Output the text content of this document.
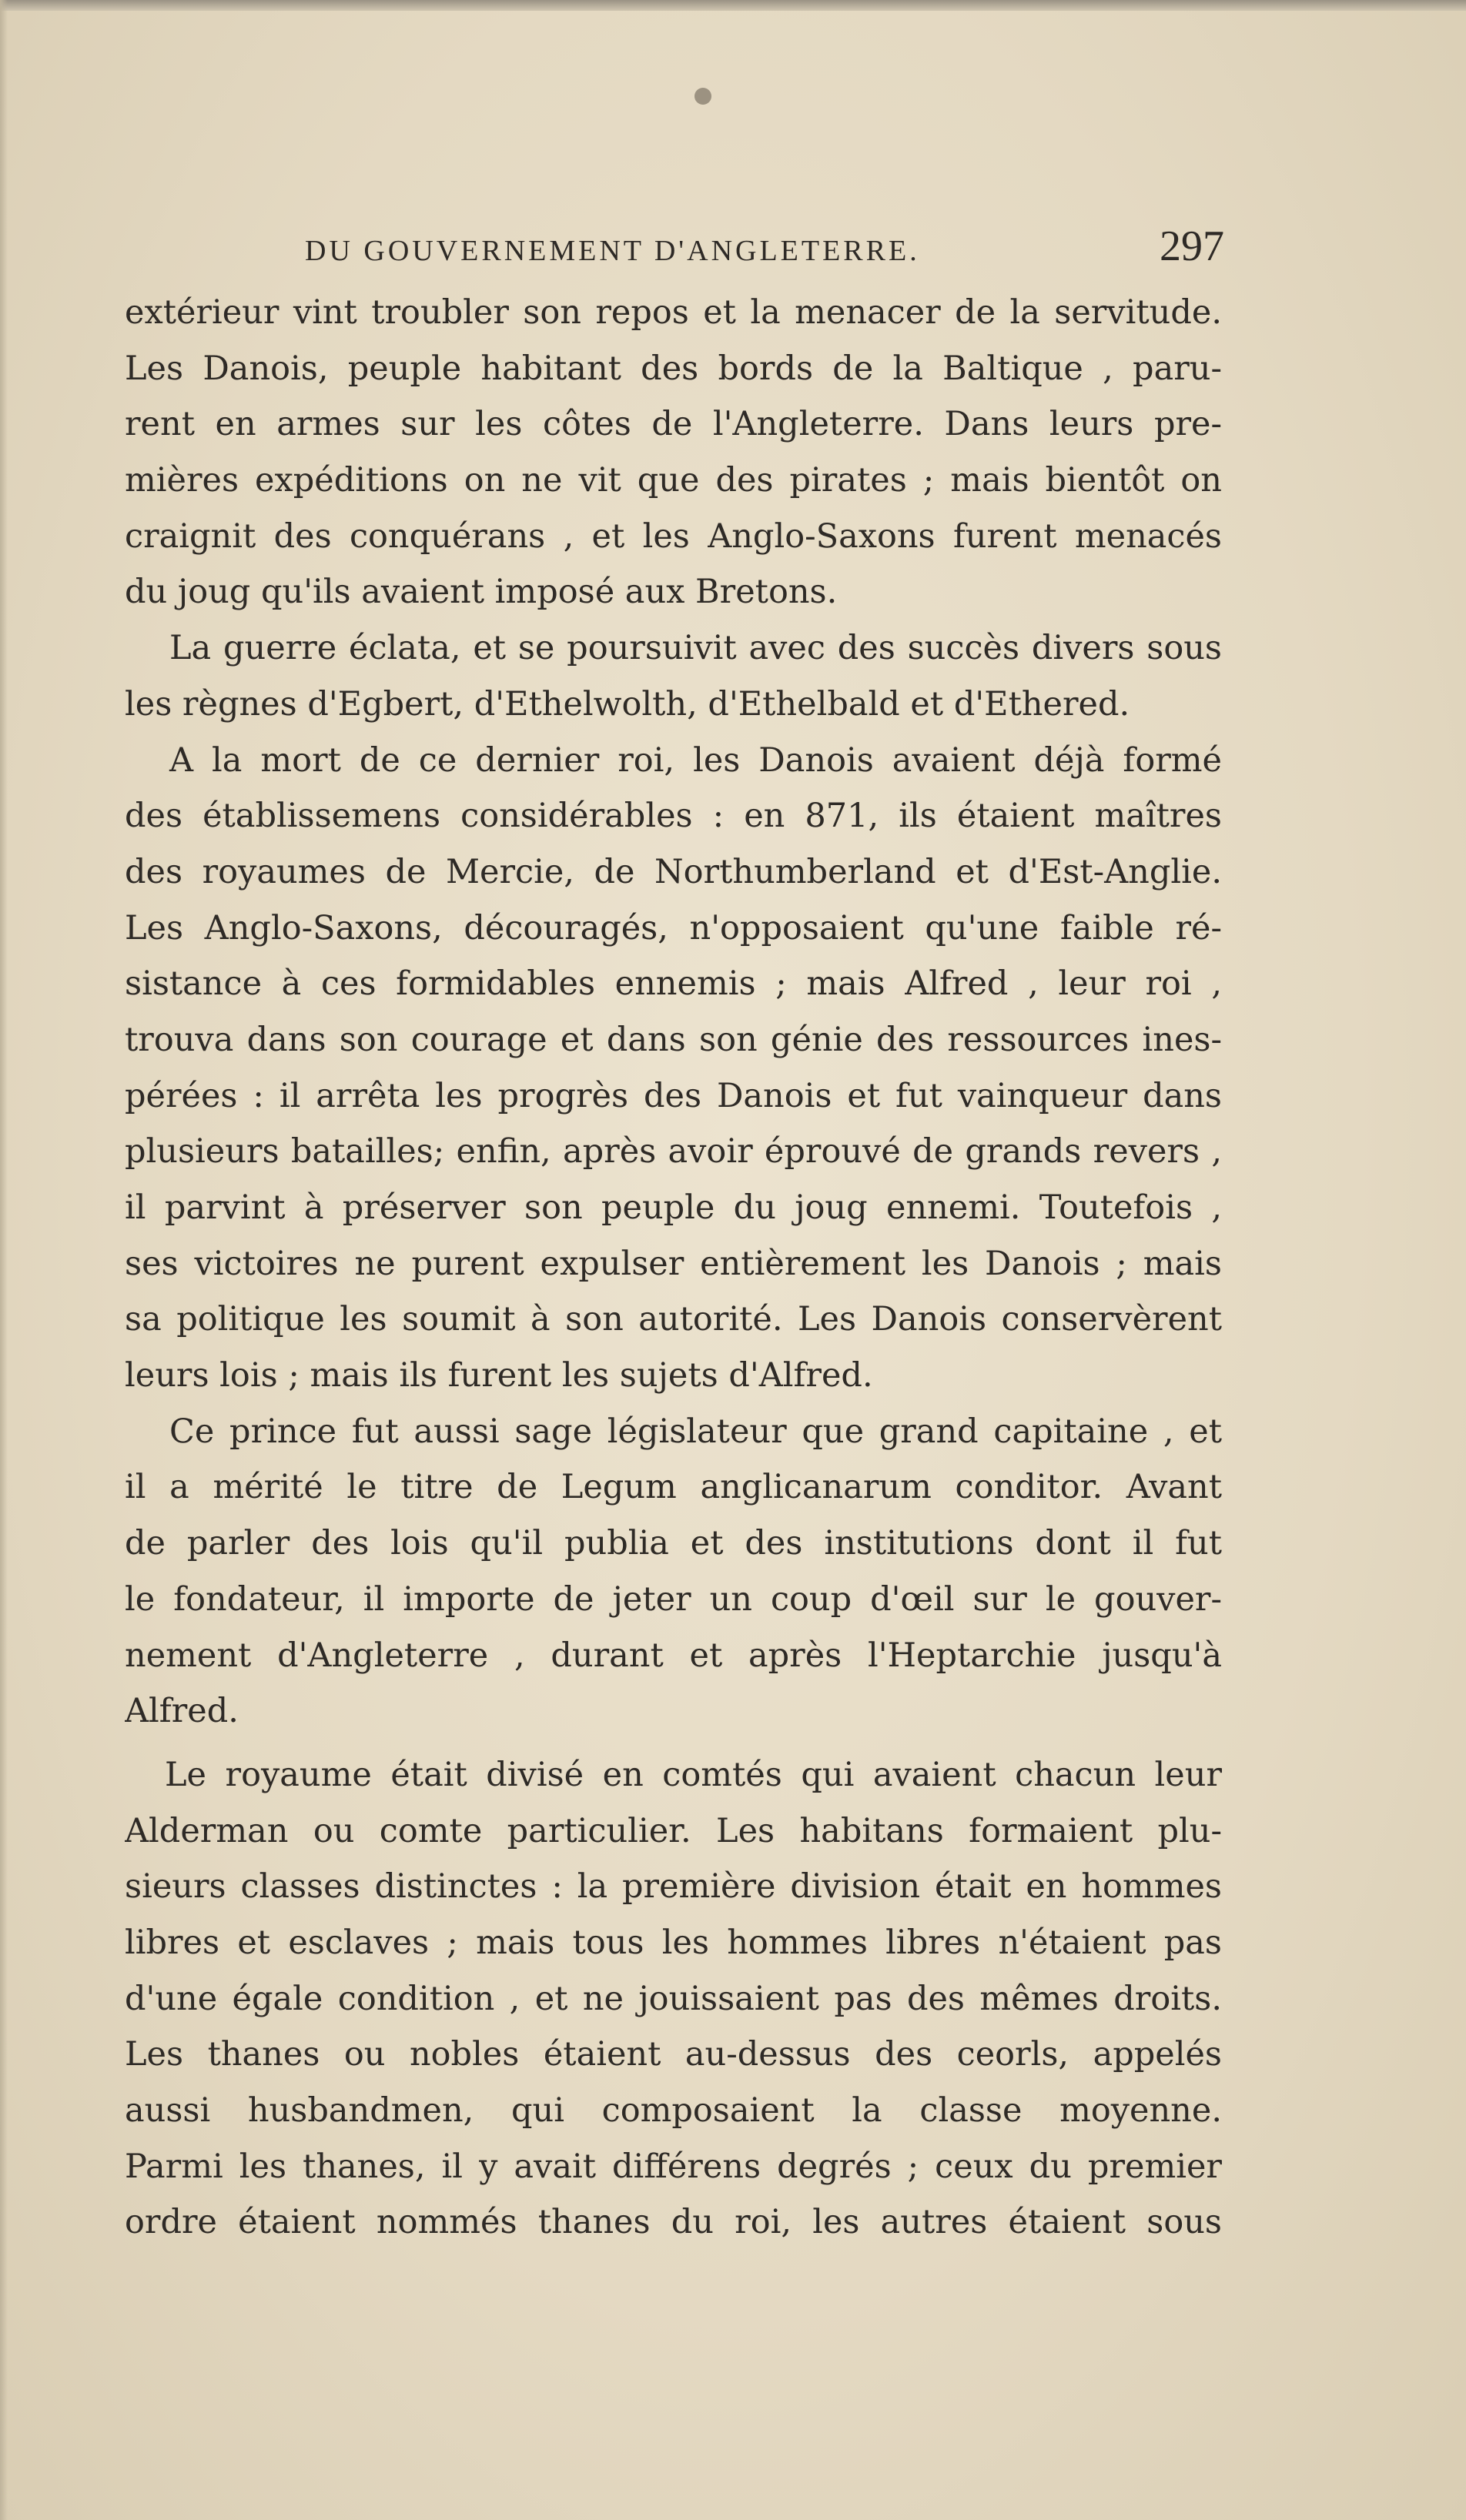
DU GOUVERNEMENT D'ANGLETERRE.	297
extérieur vint troubler son repos et la menacer de la servitude.
Les Danois, peuple habitant des bords de la Baltique , paru-
rent en armes sur les côtes de l'Angleterre. Dans leurs pre-
mières expéditions on ne vit que des pirates ; mais bientôt on
craignit des conquérans , et les Anglo-Saxons furent menacés
du joug qu'ils avaient imposé aux Bretons.
La guerre éclata, et se poursuivit avec des succès divers sous
les règnes d'Egbert, d'Ethelwolth, d'Ethelbald et d'Ethered.
A la mort de ce dernier roi, les Danois avaient déjà formé
des établissemens considérables : en 871, ils étaient maîtres
des royaumes de Mercie, de Northumberland et d'Est-Anglie.
Les Anglo-Saxons, découragés, n'opposaient qu'une faible ré-
sistance à ces formidables ennemis ; mais Alfred , leur roi ,
trouva dans son courage et dans son génie des ressources ines-
pérées : il arrêta les progrès des Danois et fut vainqueur dans
plusieurs batailles; enfin, après avoir éprouvé de grands revers ,
il parvint à préserver son peuple du joug ennemi. Toutefois ,
ses victoires ne purent expulser entièrement les Danois ; mais
sa politique les soumit à son autorité. Les Danois conservèrent
leurs lois ; mais ils furent les sujets d'Alfred.
Ce prince fut aussi sage législateur que grand capitaine , et
il a mérité le titre de Legum anglicanarum conditor. Avant
de parler des lois qu'il publia et des institutions dont il fut
le fondateur, il importe de jeter un coup d'œil sur le gouver-
nement d'Angleterre , durant et après l'Heptarchie jusqu'à
Alfred.
Le royaume était divisé en comtés qui avaient chacun leur
Alderman ou comte particulier. Les habitans formaient plu-
sieurs classes distinctes : la première division était en hommes
libres et esclaves ; mais tous les hommes libres n'étaient pas
d'une égale condition , et ne jouissaient pas des mêmes droits.
Les thanes ou nobles étaient au-dessus des ceorls, appelés
aussi husbandmen, qui composaient la classe moyenne.
Parmi les thanes, il y avait différens degrés ; ceux du premier
ordre étaient nommés thanes du roi, les autres étaient sous
